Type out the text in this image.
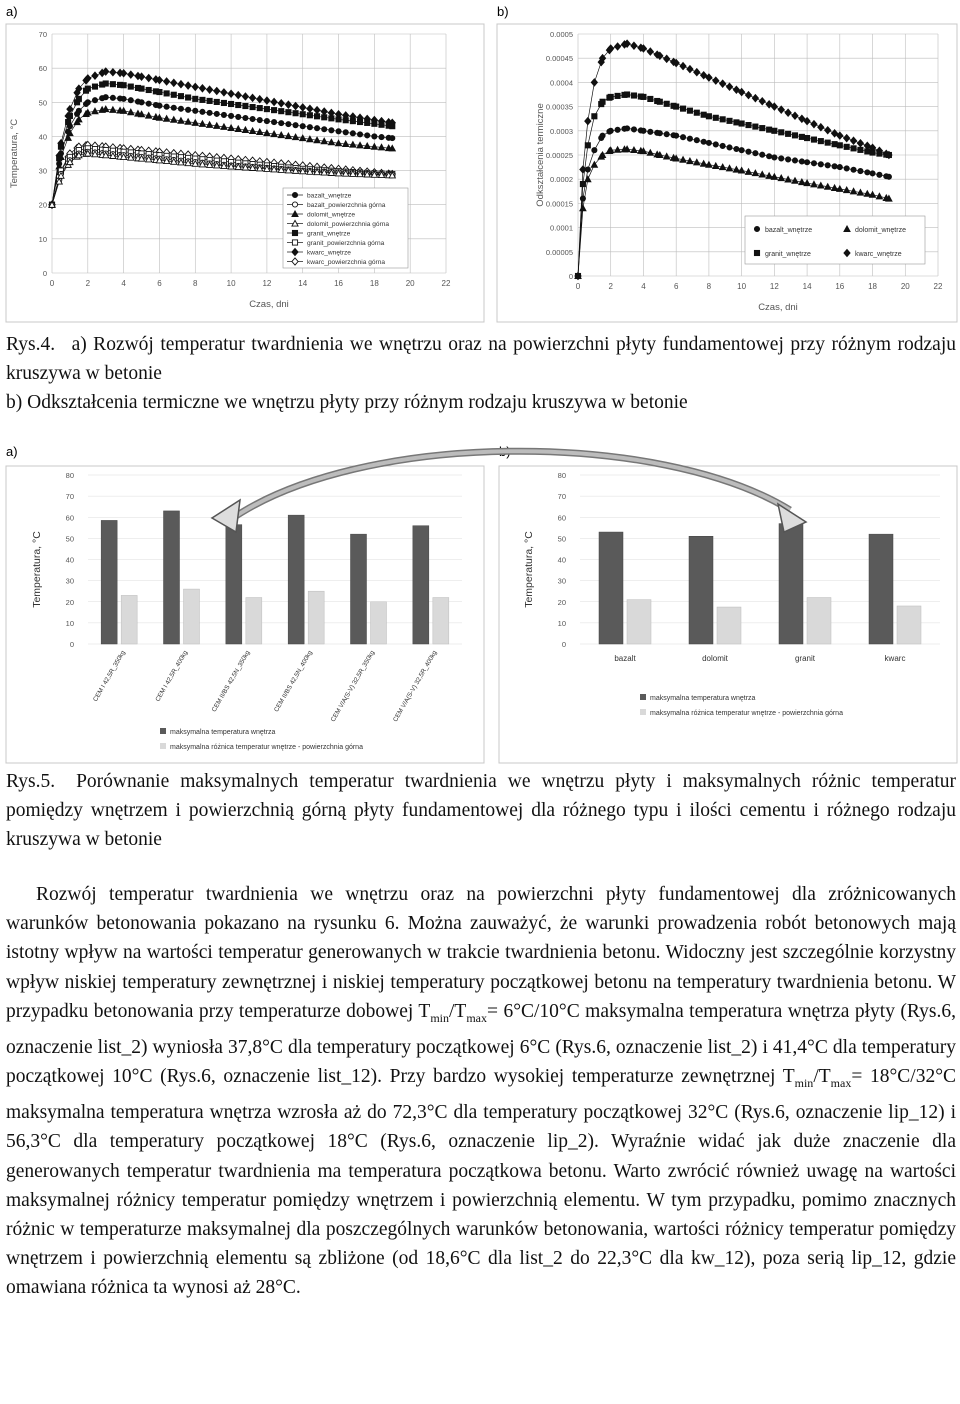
a)	b)
0
10
20
30
40
50
60
70
0	2	4	6	8	10	12	14	16	18	20	22
Czas, dni
Temperatura, °C
bazalt_wnętrze
bazalt_powierzchnia górna
dolomit_wnętrze
dolomit_powierzchnia górna
granit_wnętrze
granit_powierzchnia górna
kwarc_wnętrze
kwarc_powierzchnia górna
0
0.00005
0.0001
0.00015
0.0002
0.00025
0.0003
0.00035
0.0004
0.00045
0.0005
0	2	4	6	8	10	12	14	16	18	20	22
Czas, dni
Odkształcenia termiczne
bazalt_wnętrze	dolomit_wnętrze
granit_wnętrze	kwarc_wnętrze

Rys.4. a) Rozwój temperatur twardnienia we wnętrzu oraz na powierzchni płyty fundamentowej przy różnym rodzaju kruszywa w betonie

b) Odkształcenia termiczne we wnętrzu płyty przy różnym rodzaju kruszywa w betonie

a)	b)
0
10
20
30
40
50
60
70
80
Temperatura, °C
CEM I 42,5R_350kg	CEM I 42,5R_400kg	CEM II/BS 42,5N_350kg	CEM II/BS 42,5N_400kg CEM V/A(S-V) 32,5R_350kg CEM V/A(S-V) 32,5R_400kg
maksymalna temperatura wnętrza
maksymalna różnica temperatur wnętrze - powierzchnia górna
0
10
20
30
40
50
60
70
80
Temperatura, °C
bazalt	dolomit	granit	kwarc
maksymalna temperatura wnętrza
maksymalna różnica temperatur wnętrze - powierzchnia górna

Rys.5. Porównanie maksymalnych temperatur twardnienia we wnętrzu płyty i maksymalnych różnic temperatur pomiędzy wnętrzem i powierzchnią górną płyty fundamentowej dla różnego typu i ilości cementu i różnego rodzaju kruszywa w betonie

Rozwój temperatur twardnienia we wnętrzu oraz na powierzchni płyty fundamentowej dla zróżnicowanych warunków betonowania pokazano na rysunku 6. Można zauważyć, że warunki prowadzenia robót betonowych mają istotny wpływ na wartości temperatur generowanych w trakcie twardnienia betonu. Widoczny jest szczególnie korzystny wpływ niskiej temperatury zewnętrznej i niskiej temperatury początkowej betonu na temperatury twardnienia betonu. W przypadku betonowania przy temperaturze dobowej $T_{min}/T_{max}= 6^\circ C/10^\circ C$ maksymalna temperatura wnętrza płyty (Rys.6, oznaczenie list_2) wyniosła 37,8°C dla temperatury początkowej 6°C (Rys.6, oznaczenie list_2) i 41,4°C dla temperatury początkowej 10°C (Rys.6, oznaczenie list_12). Przy bardzo wysokiej temperaturze zewnętrznej $T_{min}/T_{max}= 18^\circ C/32^\circ C$ maksymalna temperatura wnętrza wzrosła aż do 72,3°C dla temperatury początkowej 32°C (Rys.6, oznaczenie lip_12) i 56,3°C dla temperatury początkowej 18°C (Rys.6, oznaczenie lip_2). Wyraźnie widać jak duże znaczenie dla generowanych temperatur twardnienia ma temperatura początkowa betonu. Warto zwrócić również uwagę na wartości maksymalnej różnicy temperatur pomiędzy wnętrzem i powierzchnią elementu. W tym przypadku, pomimo znacznych różnic w temperaturze maksymalnej dla poszczególnych warunków betonowania, wartości różnicy temperatur pomiędzy wnętrzem i powierzchnią elementu są zbliżone (od 18,6°C dla list_2 do 22,3°C dla kw_12), poza serią lip_12, gdzie omawiana różnica ta wynosi aż 28°C.
